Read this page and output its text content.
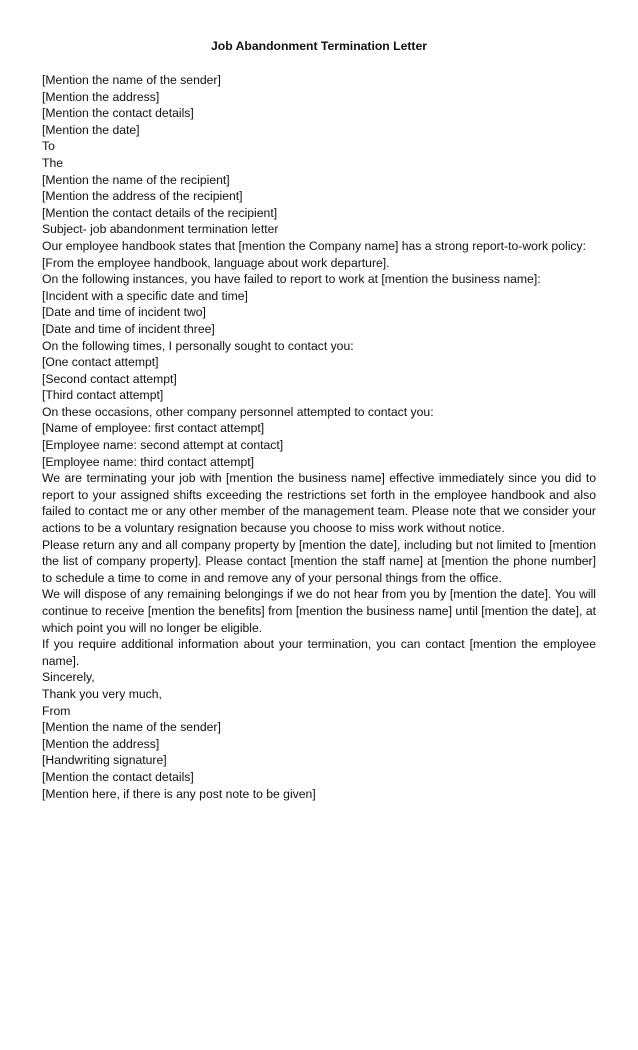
Job Abandonment Termination Letter

[Mention the name of the sender]
[Mention the address]
[Mention the contact details]

[Mention the date]

To
The
[Mention the name of the recipient]
[Mention the address of the recipient]
[Mention the contact details of the recipient]

Subject- job abandonment termination letter

Our employee handbook states that [mention the Company name] has a strong report-to-work policy:
[From the employee handbook, language about work departure].

On the following instances, you have failed to report to work at [mention the business name]:
[Incident with a specific date and time]
[Date and time of incident two]
[Date and time of incident three]

On the following times, I personally sought to contact you:
[One contact attempt]
[Second contact attempt]
[Third contact attempt]

On these occasions, other company personnel attempted to contact you:
[Name of employee: first contact attempt]
[Employee name: second attempt at contact]
[Employee name: third contact attempt]

We are terminating your job with [mention the business name] effective immediately since you did to report to your assigned shifts exceeding the restrictions set forth in the employee handbook and also failed to contact me or any other member of the management team. Please note that we consider your actions to be a voluntary resignation because you choose to miss work without notice.

Please return any and all company property by [mention the date], including but not limited to [mention the list of company property]. Please contact [mention the staff name] at [mention the phone number] to schedule a time to come in and remove any of your personal things from the office.

We will dispose of any remaining belongings if we do not hear from you by [mention the date]. You will continue to receive [mention the benefits] from [mention the business name] until [mention the date], at which point you will no longer be eligible.

If you require additional information about your termination, you can contact [mention the employee name].

Sincerely,
Thank you very much,
From
[Mention the name of the sender]
[Mention the address]
[Handwriting signature]
[Mention the contact details]
[Mention here, if there is any post note to be given]
